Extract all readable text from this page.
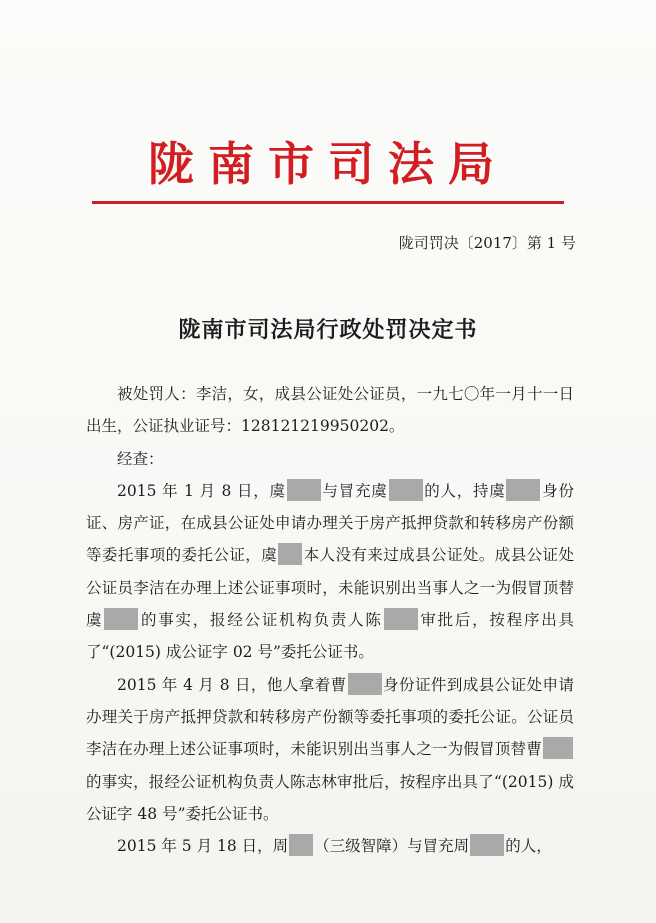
陇南市司法局
陇司罚决〔2017〕第 1 号
陇南市司法局行政处罚决定书

被处罚人：李洁，女，成县公证处公证员，一九七〇年一月十一日出生，公证执业证号：128121219950202。

经查：

2015 年 1 月 8 日，虞 与冒充虞 的人，持虞 身份证、房产证，在成县公证处申请办理关于房产抵押贷款和转移房产份额等委托事项的委托公证，虞 本人没有来过成县公证处。成县公证处公证员李洁在办理上述公证事项时，未能识别出当事人之一为假冒顶替虞 的事实，报经公证机构负责人陈 审批后，按程序出具了“(2015) 成公证字 02 号”委托公证书。

2015 年 4 月 8 日，他人拿着曹 身份证件到成县公证处申请办理关于房产抵押贷款和转移房产份额等委托事项的委托公证。公证员李洁在办理上述公证事项时，未能识别出当事人之一为假冒顶替曹的事实，报经公证机构负责人陈志林审批后，按程序出具了“(2015) 成公证字 48 号”委托公证书。

2015 年 5 月 18 日，周 （三级智障）与冒充周 的人，
